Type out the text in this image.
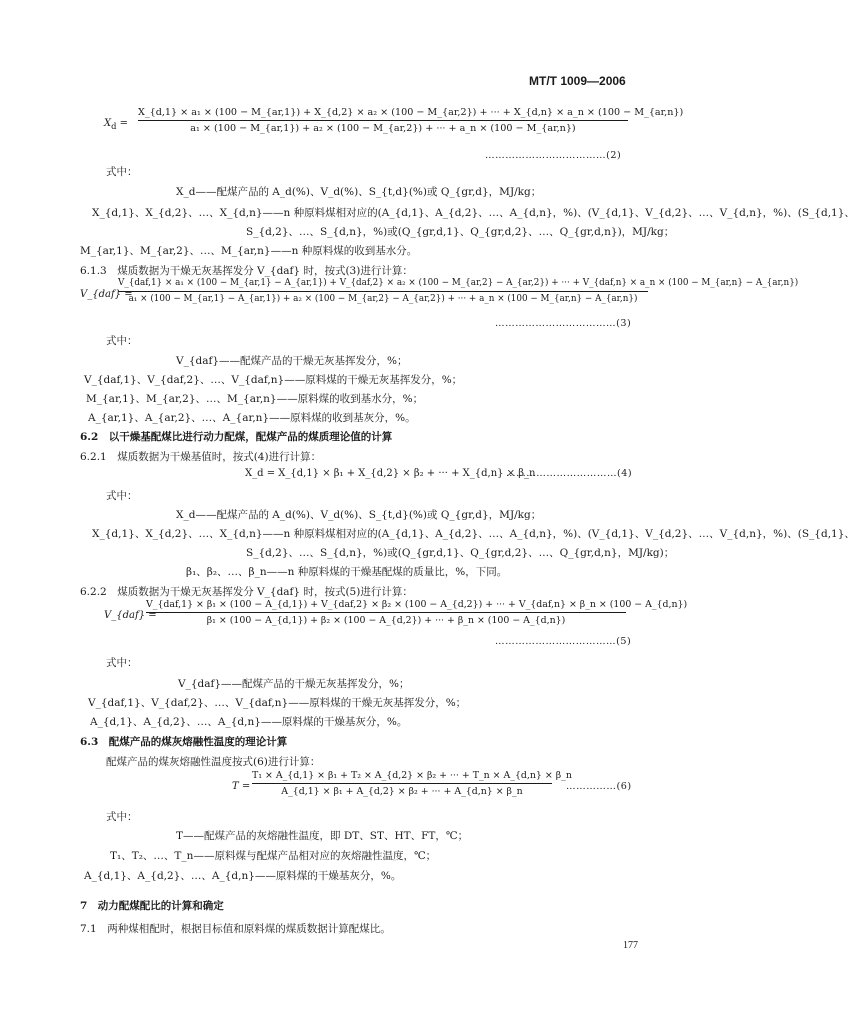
MT/T 1009—2006
$X_d$ =
X_{d,1} × a₁ × (100 − M_{ar,1}) + X_{d,2} × a₂ × (100 − M_{ar,2}) + ··· + X_{d,n} × a_n × (100 − M_{ar,n})
a₁ × (100 − M_{ar,1}) + a₂ × (100 − M_{ar,2}) + ··· + a_n × (100 − M_{ar,n})
………………………………(2)
式中：
X_d——配煤产品的 A_d(%)、V_d(%)、S_{t,d}(%)或 Q_{gr,d}，MJ/kg；
X_{d,1}、X_{d,2}、…、X_{d,n}——n 种原料煤相对应的(A_{d,1}、A_{d,2}、…、A_{d,n}，%)、(V_{d,1}、V_{d,2}、…、V_{d,n}，%)、(S_{d,1}、
S_{d,2}、…、S_{d,n}，%)或(Q_{gr,d,1}、Q_{gr,d,2}、…、Q_{gr,d,n})，MJ/kg；
M_{ar,1}、M_{ar,2}、…、M_{ar,n}——n 种原料煤的收到基水分。
6.1.3　煤质数据为干燥无灰基挥发分 V_{daf} 时，按式(3)进行计算：
V_{daf} =
V_{daf,1} × a₁ × (100 − M_{ar,1} − A_{ar,1}) + V_{daf,2} × a₂ × (100 − M_{ar,2} − A_{ar,2}) + ··· + V_{daf,n} × a_n × (100 − M_{ar,n} − A_{ar,n})
a₁ × (100 − M_{ar,1} − A_{ar,1}) + a₂ × (100 − M_{ar,2} − A_{ar,2}) + ··· + a_n × (100 − M_{ar,n} − A_{ar,n})
………………………………(3)
式中：
V_{daf}——配煤产品的干燥无灰基挥发分，%；
V_{daf,1}、V_{daf,2}、…、V_{daf,n}——原料煤的干燥无灰基挥发分，%；
M_{ar,1}、M_{ar,2}、…、M_{ar,n}——原料煤的收到基水分，%；
A_{ar,1}、A_{ar,2}、…、A_{ar,n}——原料煤的收到基灰分，%。
6.2　以干燥基配煤比进行动力配煤，配煤产品的煤质理论值的计算
6.2.1　煤质数据为干燥基值时，按式(4)进行计算：
X_d = X_{d,1} × β₁ + X_{d,2} × β₂ + ··· + X_{d,n} × β_n
……………………………(4)
式中：
X_d——配煤产品的 A_d(%)、V_d(%)、S_{t,d}(%)或 Q_{gr,d}，MJ/kg；
X_{d,1}、X_{d,2}、…、X_{d,n}——n 种原料煤相对应的(A_{d,1}、A_{d,2}、…、A_{d,n}，%)、(V_{d,1}、V_{d,2}、…、V_{d,n}，%)、(S_{d,1}、
S_{d,2}、…、S_{d,n}，%)或(Q_{gr,d,1}、Q_{gr,d,2}、…、Q_{gr,d,n}，MJ/kg)；
β₁、β₂、…、β_n——n 种原料煤的干燥基配煤的质量比，%，下同。
6.2.2　煤质数据为干燥无灰基挥发分 V_{daf} 时，按式(5)进行计算：
V_{daf} =
V_{daf,1} × β₁ × (100 − A_{d,1}) + V_{daf,2} × β₂ × (100 − A_{d,2}) + ··· + V_{daf,n} × β_n × (100 − A_{d,n})
β₁ × (100 − A_{d,1}) + β₂ × (100 − A_{d,2}) + ··· + β_n × (100 − A_{d,n})
………………………………(5)
式中：
V_{daf}——配煤产品的干燥无灰基挥发分，%；
V_{daf,1}、V_{daf,2}、…、V_{daf,n}——原料煤的干燥无灰基挥发分，%；
A_{d,1}、A_{d,2}、…、A_{d,n}——原料煤的干燥基灰分，%。
6.3　配煤产品的煤灰熔融性温度的理论计算
配煤产品的煤灰熔融性温度按式(6)进行计算：
T =
T₁ × A_{d,1} × β₁ + T₂ × A_{d,2} × β₂ + ··· + T_n × A_{d,n} × β_n
A_{d,1} × β₁ + A_{d,2} × β₂ + ··· + A_{d,n} × β_n	……………(6)
式中：
T——配煤产品的灰熔融性温度，即 DT、ST、HT、FT，℃；
T₁、T₂、…、T_n——原料煤与配煤产品相对应的灰熔融性温度，℃；
A_{d,1}、A_{d,2}、…、A_{d,n}——原料煤的干燥基灰分，%。
7　动力配煤配比的计算和确定
7.1　两种煤相配时，根据目标值和原料煤的煤质数据计算配煤比。
177
